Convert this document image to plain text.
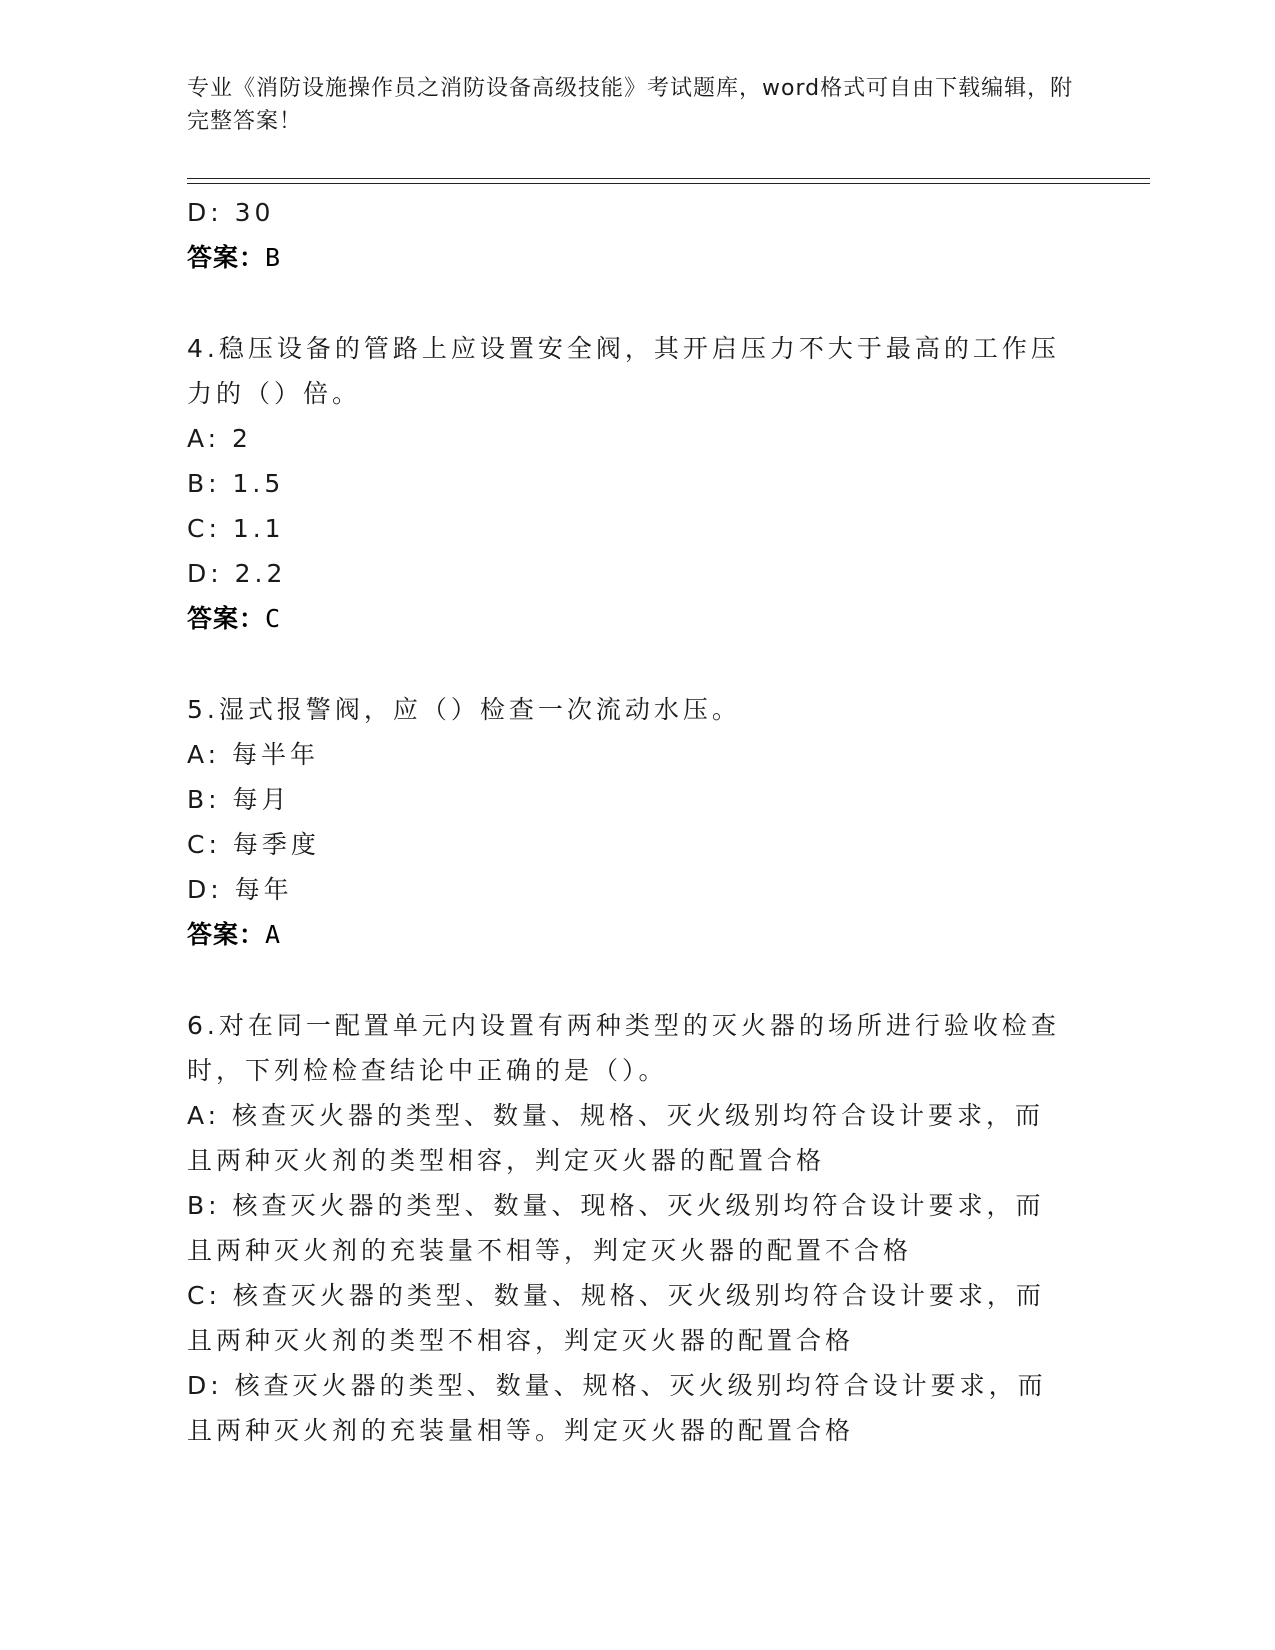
专业《消防设施操作员之消防设备高级技能》考试题库，word格式可自由下载编辑，附完整答案！
D: 30
答案：B
4.稳压设备的管路上应设置安全阀，其开启压力不大于最高的工作压力的（）倍。
A: 2
B: 1.5
C: 1.1
D: 2.2
答案：C
5.湿式报警阀，应（）检查一次流动水压。
A: 每半年
B: 每月
C: 每季度
D: 每年
答案：A
6.对在同一配置单元内设置有两种类型的灭火器的场所进行验收检查时，下列检检查结论中正确的是（）。
A: 核查灭火器的类型、数量、规格、灭火级别均符合设计要求，而且两种灭火剂的类型相容，判定灭火器的配置合格
B: 核查灭火器的类型、数量、现格、灭火级别均符合设计要求，而且两种灭火剂的充装量不相等，判定灭火器的配置不合格
C: 核查灭火器的类型、数量、规格、灭火级别均符合设计要求，而且两种灭火剂的类型不相容，判定灭火器的配置合格
D: 核查灭火器的类型、数量、规格、灭火级别均符合设计要求，而且两种灭火剂的充装量相等。判定灭火器的配置合格
